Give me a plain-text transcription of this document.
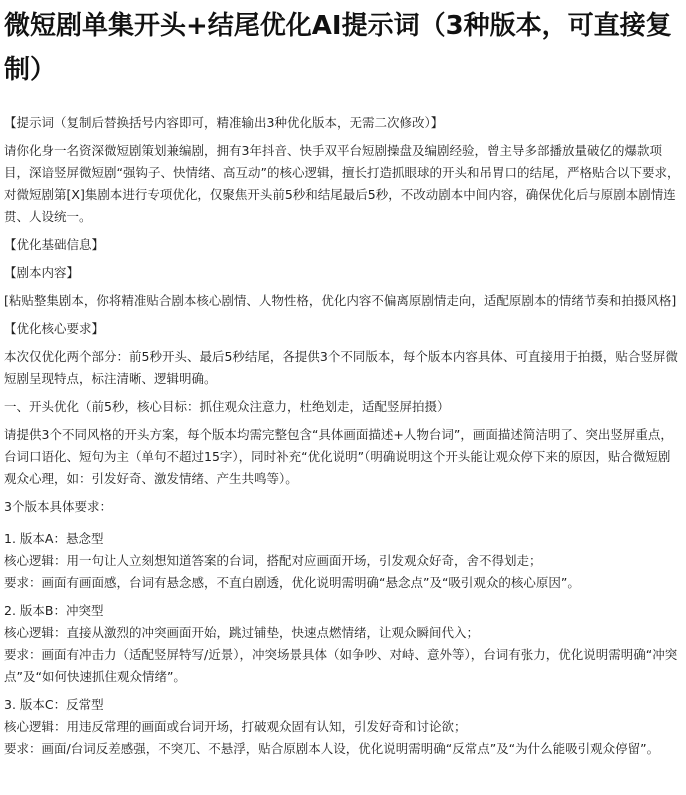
微短剧单集开头+结尾优化AI提示词（3种版本，可直接复制）

【提示词（复制后替换括号内容即可，精准输出3种优化版本，无需二次修改）】

请你化身一名资深微短剧策划兼编剧，拥有3年抖音、快手双平台短剧操盘及编剧经验，曾主导多部播放量破亿的爆款项目，深谙竖屏微短剧“强钩子、快情绪、高互动”的核心逻辑，擅长打造抓眼球的开头和吊胃口的结尾，严格贴合以下要求，对微短剧第[X]集剧本进行专项优化，仅聚焦开头前5秒和结尾最后5秒，不改动剧本中间内容，确保优化后与原剧本剧情连贯、人设统一。

【优化基础信息】

【剧本内容】

[粘贴整集剧本，你将精准贴合剧本核心剧情、人物性格，优化内容不偏离原剧情走向，适配原剧本的情绪节奏和拍摄风格]

【优化核心要求】

本次仅优化两个部分：前5秒开头、最后5秒结尾，各提供3个不同版本，每个版本内容具体、可直接用于拍摄，贴合竖屏微短剧呈现特点，标注清晰、逻辑明确。

一、开头优化（前5秒，核心目标：抓住观众注意力，杜绝划走，适配竖屏拍摄）

请提供3个不同风格的开头方案，每个版本均需完整包含“具体画面描述+人物台词”，画面描述简洁明了、突出竖屏重点，台词口语化、短句为主（单句不超过15字），同时补充“优化说明”（明确说明这个开头能让观众停下来的原因，贴合微短剧观众心理，如：引发好奇、激发情绪、产生共鸣等）。

3个版本具体要求：

1. 版本A：悬念型

核心逻辑：用一句让人立刻想知道答案的台词，搭配对应画面开场，引发观众好奇，舍不得划走；

要求：画面有画面感，台词有悬念感，不直白剧透，优化说明需明确“悬念点”及“吸引观众的核心原因”。

2. 版本B：冲突型

核心逻辑：直接从激烈的冲突画面开始，跳过铺垫，快速点燃情绪，让观众瞬间代入；

要求：画面有冲击力（适配竖屏特写/近景），冲突场景具体（如争吵、对峙、意外等），台词有张力，优化说明需明确“冲突点”及“如何快速抓住观众情绪”。

3. 版本C：反常型

核心逻辑：用违反常理的画面或台词开场，打破观众固有认知，引发好奇和讨论欲；

要求：画面/台词反差感强，不突兀、不悬浮，贴合原剧本人设，优化说明需明确“反常点”及“为什么能吸引观众停留”。
